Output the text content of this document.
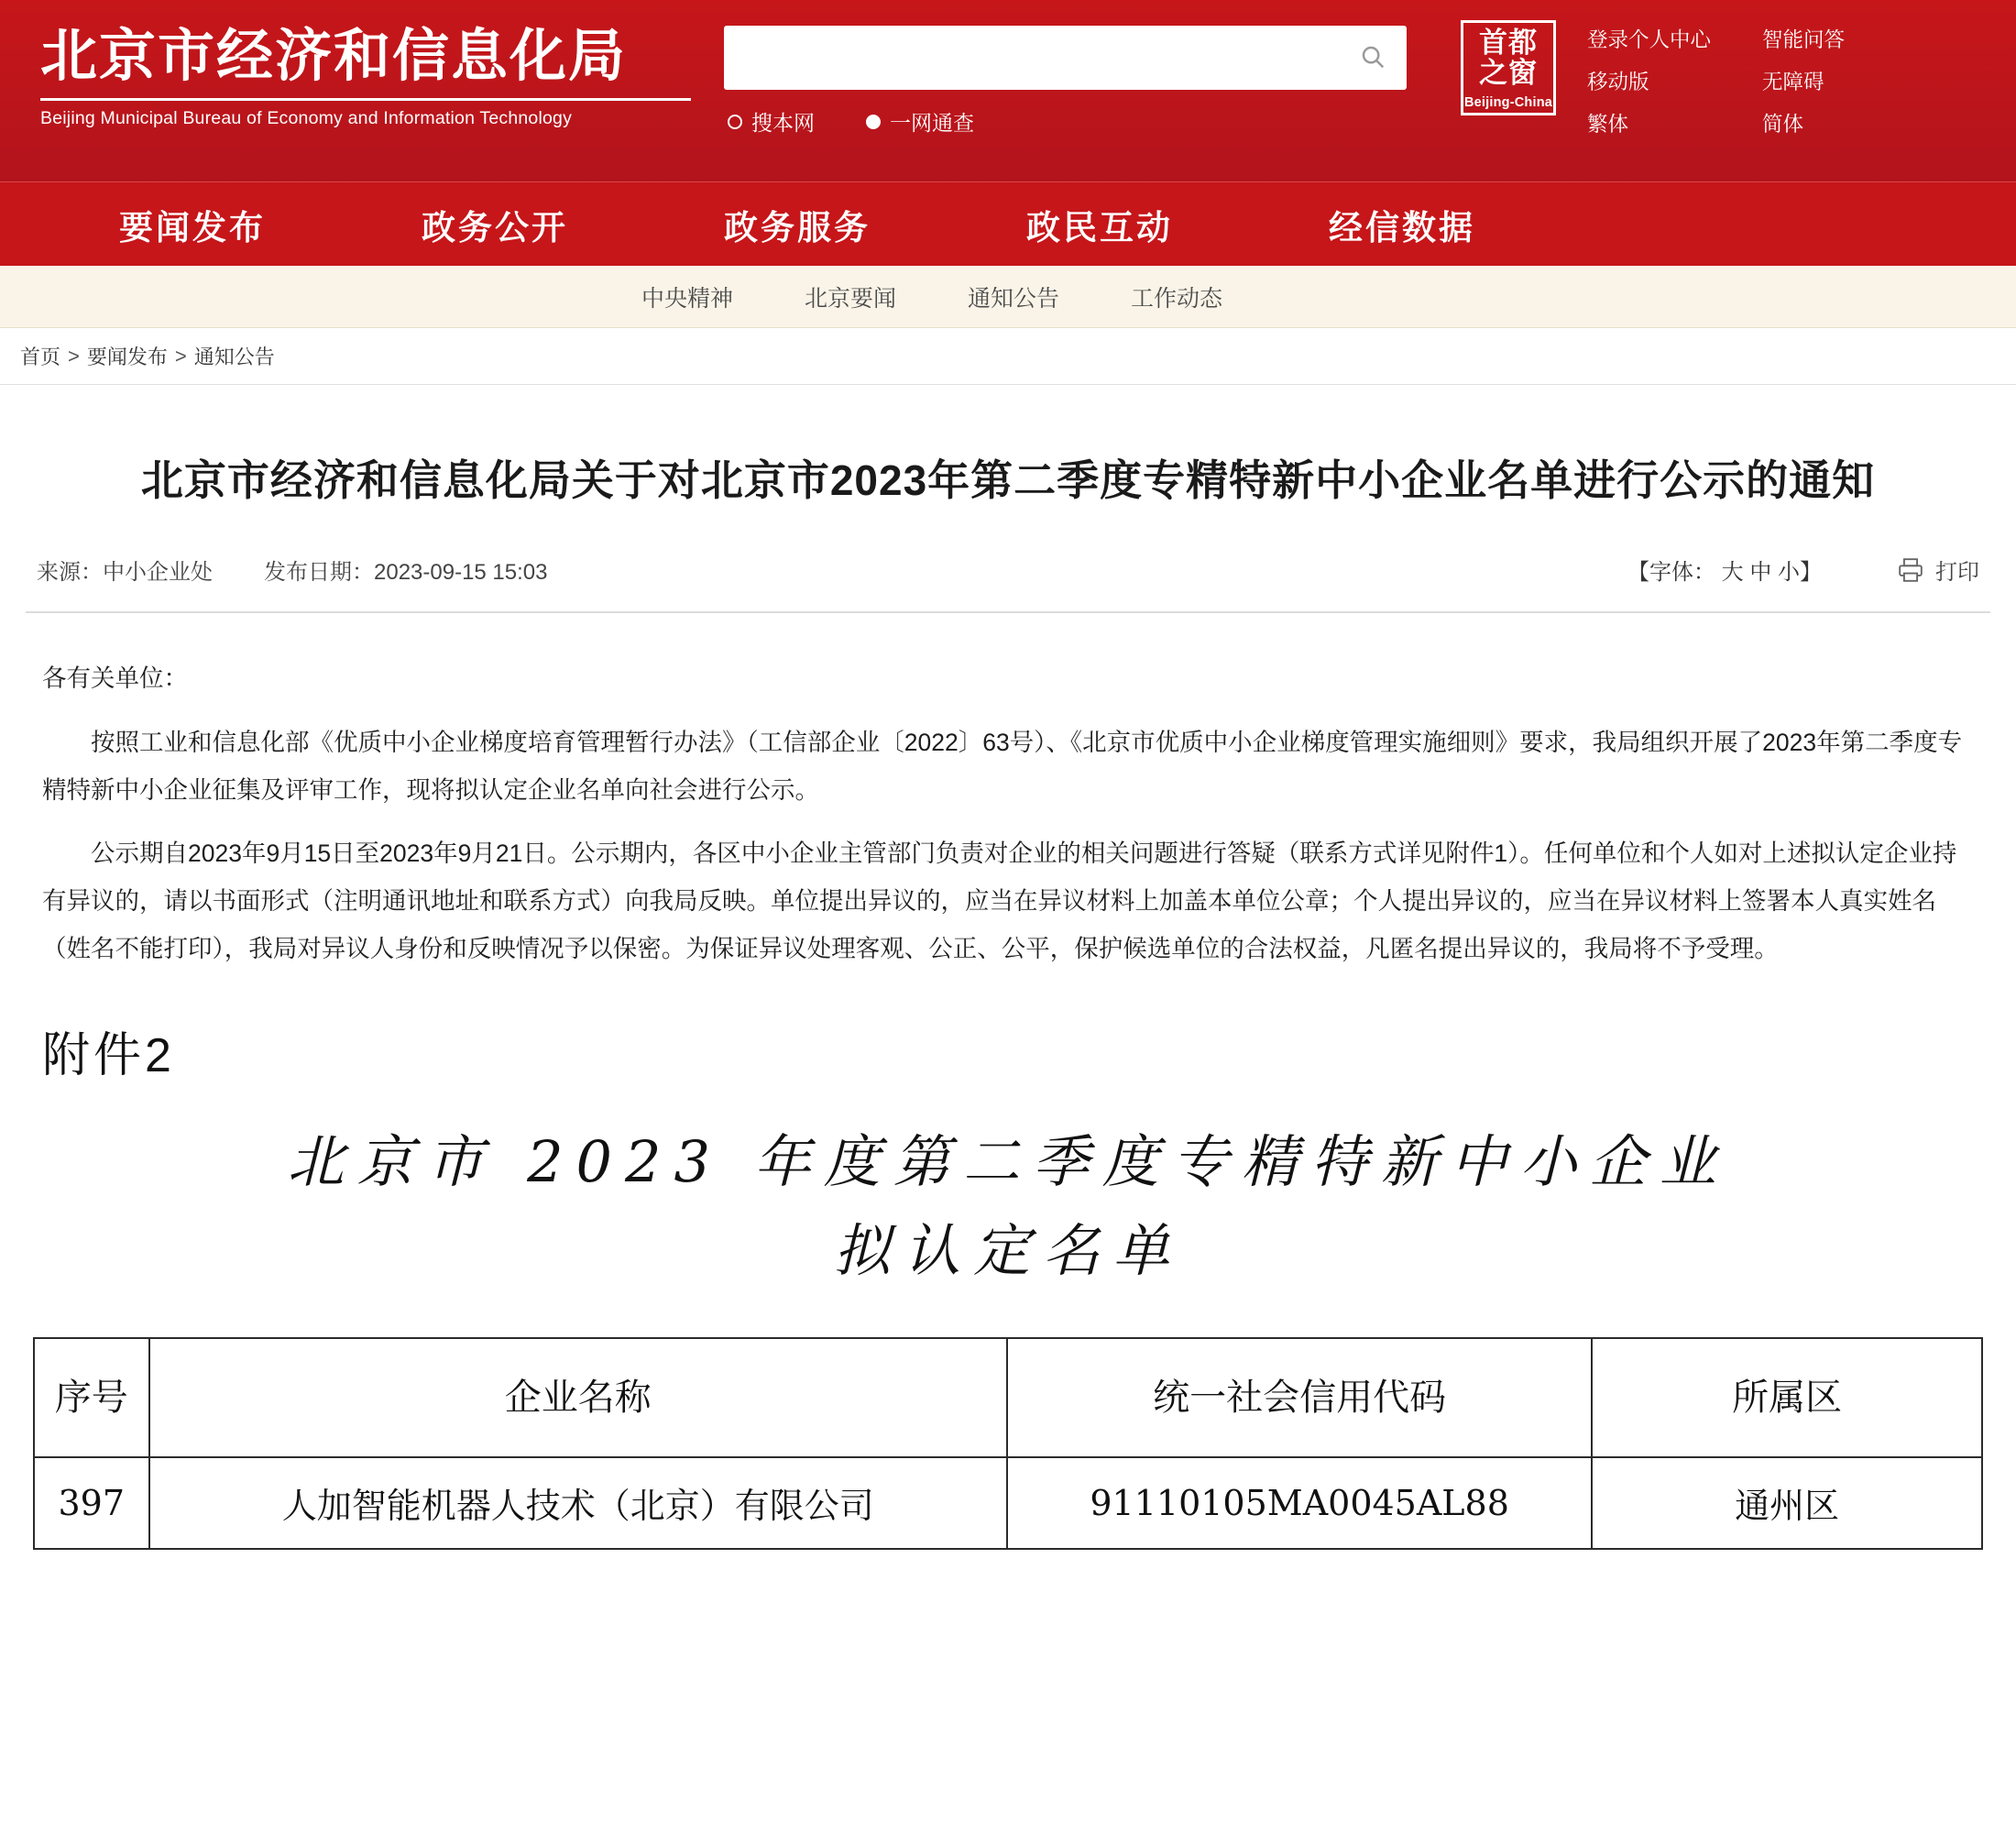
北京市经济和信息化局
Beijing Municipal Bureau of Economy and Information Technology	搜本网	一网通查
首都
之窗
Beijing-China
登录个人中心
移动版
繁体
智能问答
无障碍
简体
要闻发布	政务公开	政务服务	政民互动	经信数据
中央精神	北京要闻	通知公告	工作动态
首页 > 要闻发布 > 通知公告
北京市经济和信息化局关于对北京市2023年第二季度专精特新中小企业名单进行公示的通知
来源：中小企业处 发布日期：2023-09-15 15:03	【字体： 大 中 小】	打印

各有关单位：

按照工业和信息化部《优质中小企业梯度培育管理暂行办法》（工信部企业〔2022〕63号）、《北京市优质中小企业梯度管理实施细则》要求，我局组织开展了2023年第二季度专精特新中小企业征集及评审工作，现将拟认定企业名单向社会进行公示。

公示期自2023年9月15日至2023年9月21日。公示期内，各区中小企业主管部门负责对企业的相关问题进行答疑（联系方式详见附件1）。任何单位和个人如对上述拟认定企业持有异议的，请以书面形式（注明通讯地址和联系方式）向我局反映。单位提出异议的，应当在异议材料上加盖本单位公章；个人提出异议的，应当在异议材料上签署本人真实姓名（姓名不能打印），我局对异议人身份和反映情况予以保密。为保证异议处理客观、公正、公平，保护候选单位的合法权益，凡匿名提出异议的，我局将不予受理。

附件2
北京市 2023 年度第二季度专精特新中小企业
拟认定名单
序号	企业名称	统一社会信用代码	所属区
397	人加智能机器人技术（北京）有限公司	91110105MA0045AL88	通州区
